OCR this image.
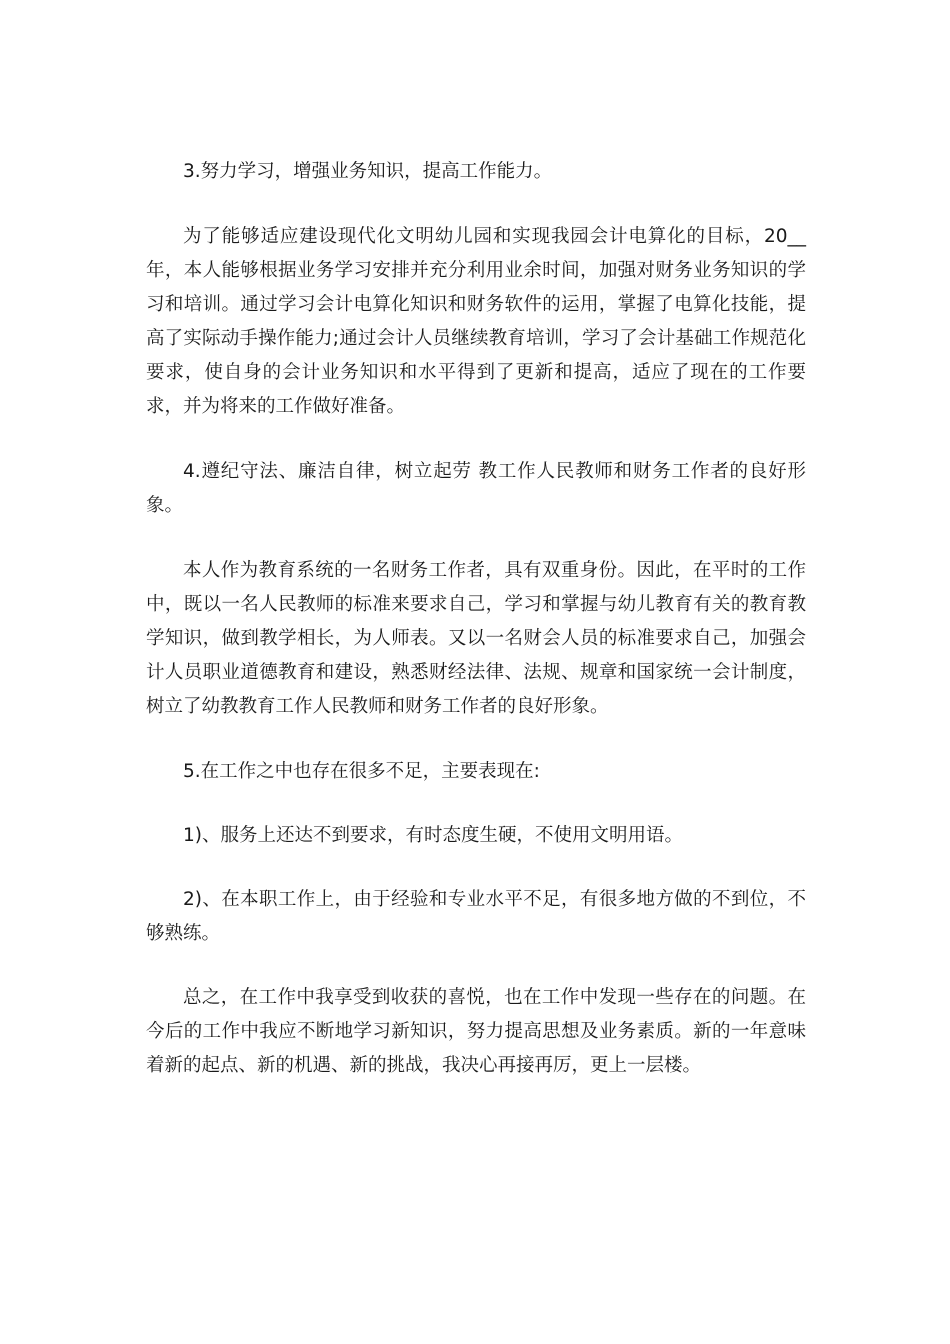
3.努力学习，增强业务知识，提高工作能力。

为了能够适应建设现代化文明幼儿园和实现我园会计电算化的目标，20__年，本人能够根据业务学习安排并充分利用业余时间，加强对财务业务知识的学习和培训。通过学习会计电算化知识和财务软件的运用，掌握了电算化技能，提高了实际动手操作能力;通过会计人员继续教育培训，学习了会计基础工作规范化要求，使自身的会计业务知识和水平得到了更新和提高，适应了现在的工作要求，并为将来的工作做好准备。

4.遵纪守法、廉洁自律，树立起劳 教工作人民教师和财务工作者的良好形象。

本人作为教育系统的一名财务工作者，具有双重身份。因此，在平时的工作中，既以一名人民教师的标准来要求自己，学习和掌握与幼儿教育有关的教育教学知识，做到教学相长，为人师表。又以一名财会人员的标准要求自己，加强会计人员职业道德教育和建设，熟悉财经法律、法规、规章和国家统一会计制度，树立了幼教教育工作人民教师和财务工作者的良好形象。

5.在工作之中也存在很多不足，主要表现在:

1)、服务上还达不到要求，有时态度生硬，不使用文明用语。

2)、在本职工作上，由于经验和专业水平不足，有很多地方做的不到位，不够熟练。

总之，在工作中我享受到收获的喜悦，也在工作中发现一些存在的问题。在今后的工作中我应不断地学习新知识，努力提高思想及业务素质。新的一年意味着新的起点、新的机遇、新的挑战，我决心再接再厉，更上一层楼。
